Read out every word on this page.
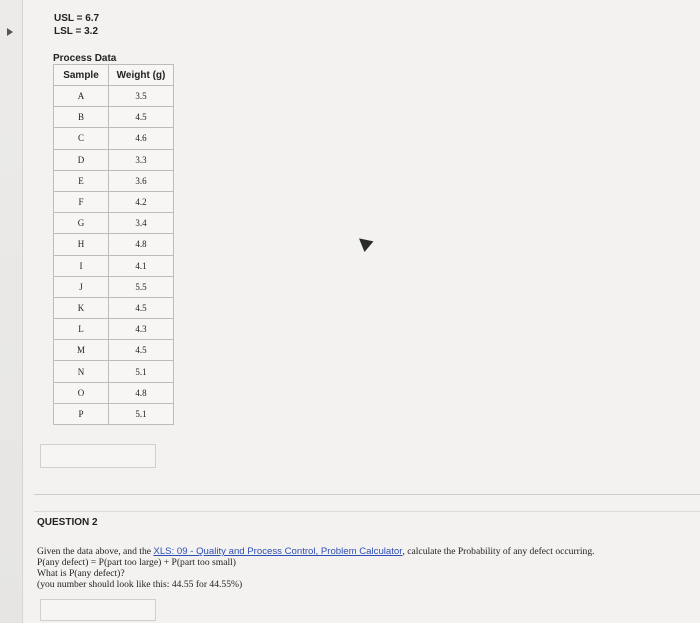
USL = 6.7
LSL = 3.2
Process Data
Sample	Weight (g)
A	3.5
B	4.5
C	4.6
D	3.3
E	3.6
F	4.2
G	3.4
H	4.8
I	4.1
J	5.5
K	4.5
L	4.3
M	4.5
N	5.1
O	4.8
P	5.1
QUESTION 2
Given the data above, and the XLS: 09 - Quality and Process Control, Problem Calculator, calculate the Probability of any defect occurring.
P(any defect) = P(part too large) + P(part too small)
What is P(any defect)?
(you number should look like this: 44.55 for 44.55%)
